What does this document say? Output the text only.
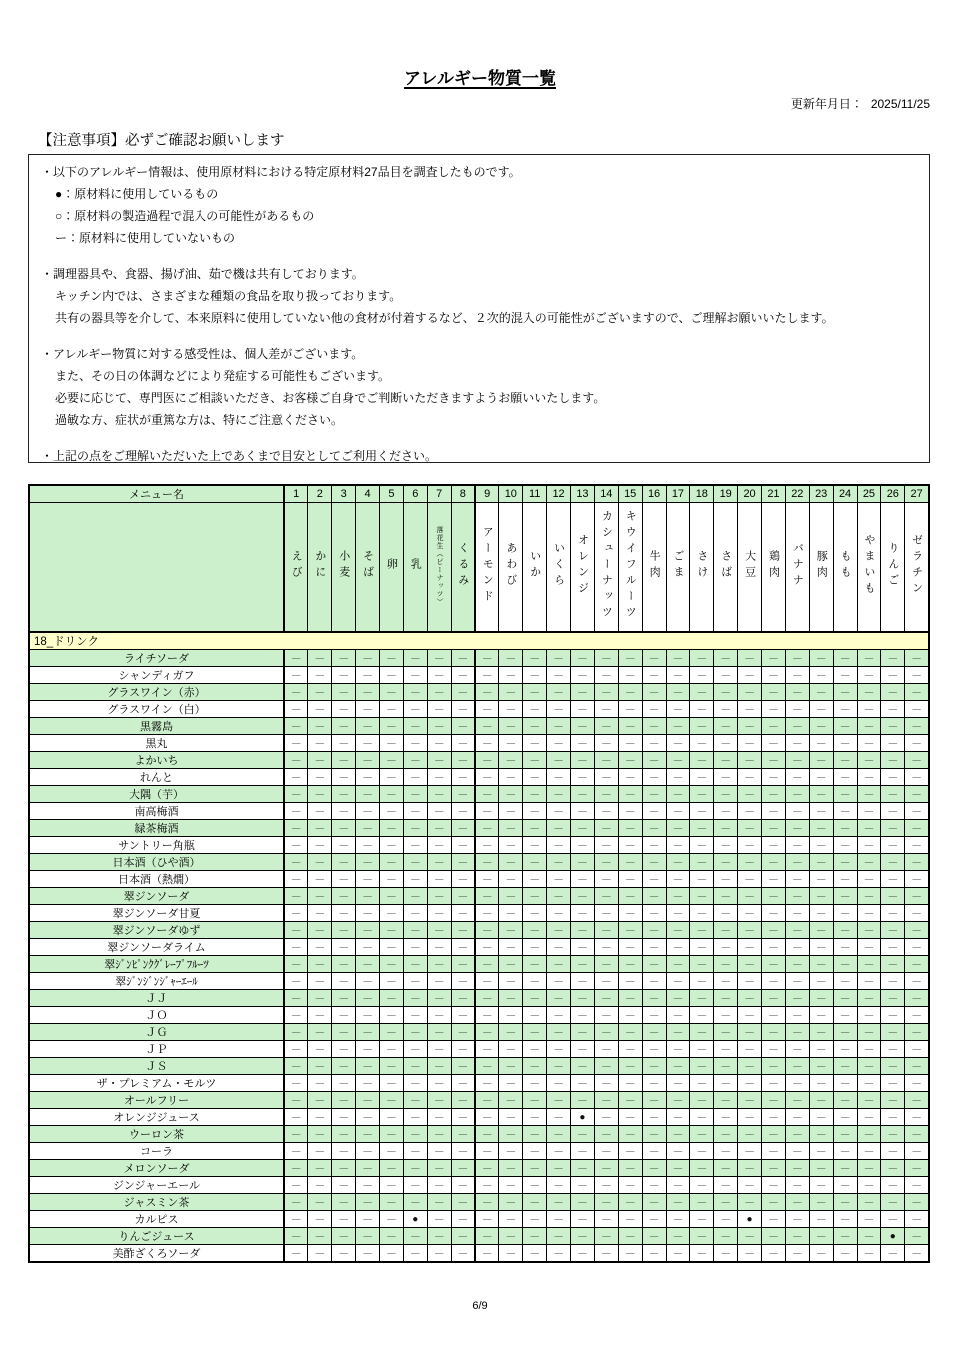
アレルギー物質一覧
更新年月日： 2025/11/25
【注意事項】必ずご確認お願いします
・以下のアレルギー情報は、使用原材料における特定原材料27品目を調査したものです。
●：原材料に使用しているもの
○：原材料の製造過程で混入の可能性があるもの
ー：原材料に使用していないもの
・調理器具や、食器、揚げ油、茹で機は共有しております。
キッチン内では、さまざまな種類の食品を取り扱っております。
共有の器具等を介して、本来原料に使用していない他の食材が付着するなど、２次的混入の可能性がございますので、ご理解お願いいたします。
・アレルギー物質に対する感受性は、個人差がございます。
また、その日の体調などにより発症する可能性もございます。
必要に応じて、専門医にご相談いただき、お客様ご自身でご判断いただきますようお願いいたします。
過敏な方、症状が重篤な方は、特にご注意ください。
・上記の点をご理解いただいた上であくまで目安としてご利用ください。
メニュー名	1	2	3	4	5	6	7	8	9	10	11	12	13	14	15	16	17	18	19	20	21	22	23	24	25	26	27
	えび	かに	小麦	そば	卵	乳	落花生（ピーナッツ）	くるみ	アーモンド	あわび	いか	いくら	オレンジ	カシューナッツ	キウイフルーツ	牛肉	ごま	さけ	さば	大豆	鶏肉	バナナ	豚肉	もも	やまいも	りんご	ゼラチン
18_ドリンク																											
ライチソーダ	－	－	－	－	－	－	－	－	－	－	－	－	－	－	－	－	－	－	－	－	－	－	－	－	－	－	－
シャンディガフ	－	－	－	－	－	－	－	－	－	－	－	－	－	－	－	－	－	－	－	－	－	－	－	－	－	－	－
グラスワイン（赤）	－	－	－	－	－	－	－	－	－	－	－	－	－	－	－	－	－	－	－	－	－	－	－	－	－	－	－
グラスワイン（白）	－	－	－	－	－	－	－	－	－	－	－	－	－	－	－	－	－	－	－	－	－	－	－	－	－	－	－
黒霧島	－	－	－	－	－	－	－	－	－	－	－	－	－	－	－	－	－	－	－	－	－	－	－	－	－	－	－
黒丸	－	－	－	－	－	－	－	－	－	－	－	－	－	－	－	－	－	－	－	－	－	－	－	－	－	－	－
よかいち	－	－	－	－	－	－	－	－	－	－	－	－	－	－	－	－	－	－	－	－	－	－	－	－	－	－	－
れんと	－	－	－	－	－	－	－	－	－	－	－	－	－	－	－	－	－	－	－	－	－	－	－	－	－	－	－
大隅（芋）	－	－	－	－	－	－	－	－	－	－	－	－	－	－	－	－	－	－	－	－	－	－	－	－	－	－	－
南高梅酒	－	－	－	－	－	－	－	－	－	－	－	－	－	－	－	－	－	－	－	－	－	－	－	－	－	－	－
緑茶梅酒	－	－	－	－	－	－	－	－	－	－	－	－	－	－	－	－	－	－	－	－	－	－	－	－	－	－	－
サントリー角瓶	－	－	－	－	－	－	－	－	－	－	－	－	－	－	－	－	－	－	－	－	－	－	－	－	－	－	－
日本酒（ひや酒）	－	－	－	－	－	－	－	－	－	－	－	－	－	－	－	－	－	－	－	－	－	－	－	－	－	－	－
日本酒（熱燗）	－	－	－	－	－	－	－	－	－	－	－	－	－	－	－	－	－	－	－	－	－	－	－	－	－	－	－
翠ジンソーダ	－	－	－	－	－	－	－	－	－	－	－	－	－	－	－	－	－	－	－	－	－	－	－	－	－	－	－
翠ジンソーダ甘夏	－	－	－	－	－	－	－	－	－	－	－	－	－	－	－	－	－	－	－	－	－	－	－	－	－	－	－
翠ジンソーダゆず	－	－	－	－	－	－	－	－	－	－	－	－	－	－	－	－	－	－	－	－	－	－	－	－	－	－	－
翠ジンソーダライム	－	－	－	－	－	－	－	－	－	－	－	－	－	－	－	－	－	－	－	－	－	－	－	－	－	－	－
翠ｼﾞﾝﾋﾟﾝｸｸﾞﾚｰﾌﾟﾌﾙｰﾂ	－	－	－	－	－	－	－	－	－	－	－	－	－	－	－	－	－	－	－	－	－	－	－	－	－	－	－
翠ｼﾞﾝｼﾞﾝｼﾞｬｰｴｰﾙ	－	－	－	－	－	－	－	－	－	－	－	－	－	－	－	－	－	－	－	－	－	－	－	－	－	－	－
ＪＪ	－	－	－	－	－	－	－	－	－	－	－	－	－	－	－	－	－	－	－	－	－	－	－	－	－	－	－
ＪＯ	－	－	－	－	－	－	－	－	－	－	－	－	－	－	－	－	－	－	－	－	－	－	－	－	－	－	－
ＪＧ	－	－	－	－	－	－	－	－	－	－	－	－	－	－	－	－	－	－	－	－	－	－	－	－	－	－	－
ＪＰ	－	－	－	－	－	－	－	－	－	－	－	－	－	－	－	－	－	－	－	－	－	－	－	－	－	－	－
ＪＳ	－	－	－	－	－	－	－	－	－	－	－	－	－	－	－	－	－	－	－	－	－	－	－	－	－	－	－
ザ・プレミアム・モルツ	－	－	－	－	－	－	－	－	－	－	－	－	－	－	－	－	－	－	－	－	－	－	－	－	－	－	－
オールフリー	－	－	－	－	－	－	－	－	－	－	－	－	－	－	－	－	－	－	－	－	－	－	－	－	－	－	－
オレンジジュース	－	－	－	－	－	－	－	－	－	－	－	－	●	－	－	－	－	－	－	－	－	－	－	－	－	－	－
ウーロン茶	－	－	－	－	－	－	－	－	－	－	－	－	－	－	－	－	－	－	－	－	－	－	－	－	－	－	－
コーラ	－	－	－	－	－	－	－	－	－	－	－	－	－	－	－	－	－	－	－	－	－	－	－	－	－	－	－
メロンソーダ	－	－	－	－	－	－	－	－	－	－	－	－	－	－	－	－	－	－	－	－	－	－	－	－	－	－	－
ジンジャーエール	－	－	－	－	－	－	－	－	－	－	－	－	－	－	－	－	－	－	－	－	－	－	－	－	－	－	－
ジャスミン茶	－	－	－	－	－	－	－	－	－	－	－	－	－	－	－	－	－	－	－	－	－	－	－	－	－	－	－
カルピス	－	－	－	－	－	●	－	－	－	－	－	－	－	－	－	－	－	－	－	●	－	－	－	－	－	－	－
りんごジュース	－	－	－	－	－	－	－	－	－	－	－	－	－	－	－	－	－	－	－	－	－	－	－	－	－	●	－
美酢ざくろソーダ	－	－	－	－	－	－	－	－	－	－	－	－	－	－	－	－	－	－	－	－	－	－	－	－	－	－	－
6/9
